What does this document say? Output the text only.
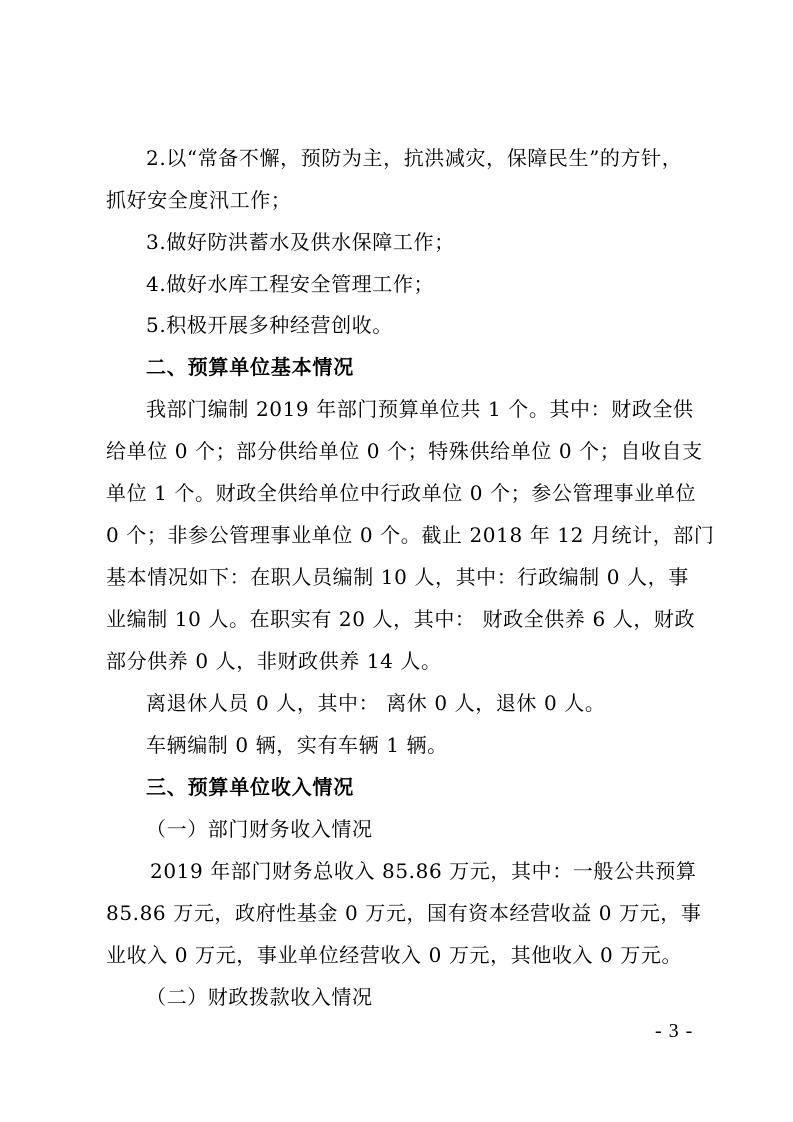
2.以“常备不懈，预防为主，抗洪减灾，保障民生”的方针，
抓好安全度汛工作；
3.做好防洪蓄水及供水保障工作；
4.做好水库工程安全管理工作；
5.积极开展多种经营创收。
二、预算单位基本情况
我部门编制 2019 年部门预算单位共 1 个。其中：财政全供
给单位 0 个；部分供给单位 0 个；特殊供给单位 0 个；自收自支
单位 1 个。财政全供给单位中行政单位 0 个；参公管理事业单位
0 个；非参公管理事业单位 0 个。截止 2018 年 12 月统计，部门
基本情况如下：在职人员编制 10 人，其中：行政编制 0 人，事
业编制 10 人。在职实有 20 人，其中： 财政全供养 6 人，财政
部分供养 0 人，非财政供养 14 人。
离退休人员 0 人，其中： 离休 0 人，退休 0 人。
车辆编制 0 辆，实有车辆 1 辆。
三、预算单位收入情况
（一）部门财务收入情况
2019 年部门财务总收入 85.86 万元，其中：一般公共预算
85.86 万元，政府性基金 0 万元，国有资本经营收益 0 万元，事
业收入 0 万元，事业单位经营收入 0 万元，其他收入 0 万元。
（二）财政拨款收入情况
- 3 -
